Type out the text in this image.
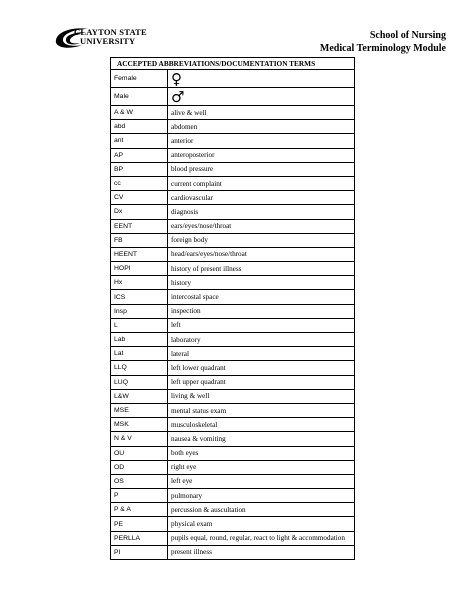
CLAYTON STATE
UNIVERSITY	School of Nursing
Medical Terminology Module
ACCEPTED ABBREVIATIONS/DOCUMENTATION TERMS	
Female	♀
Male	♂
A & W	alive & well
abd	abdomen
ant	anterior
AP	anteroposterior
BP	blood pressure
cc	current complaint
CV	cardiovascular
Dx	diagnosis
EENT	ears/eyes/nose/throat
FB	foreign body
HEENT	head/ears/eyes/nose/throat
HOPI	history of present illness
Hx	history
ICS	intercostal space
Insp	inspection
L	left
Lab	laboratory
Lat	lateral
LLQ	left lower quadrant
LUQ	left upper quadrant
L&W	living & well
MSE	mental status exam
MSK	musculoskeletal
N & V	nausea & vomiting
OU	both eyes
OD	right eye
OS	left eye
P	pulmonary
P & A	percussion & auscultation
PE	physical exam
PERLLA	pupils equal, round, regular, react to light & accommodation
PI	present illness
